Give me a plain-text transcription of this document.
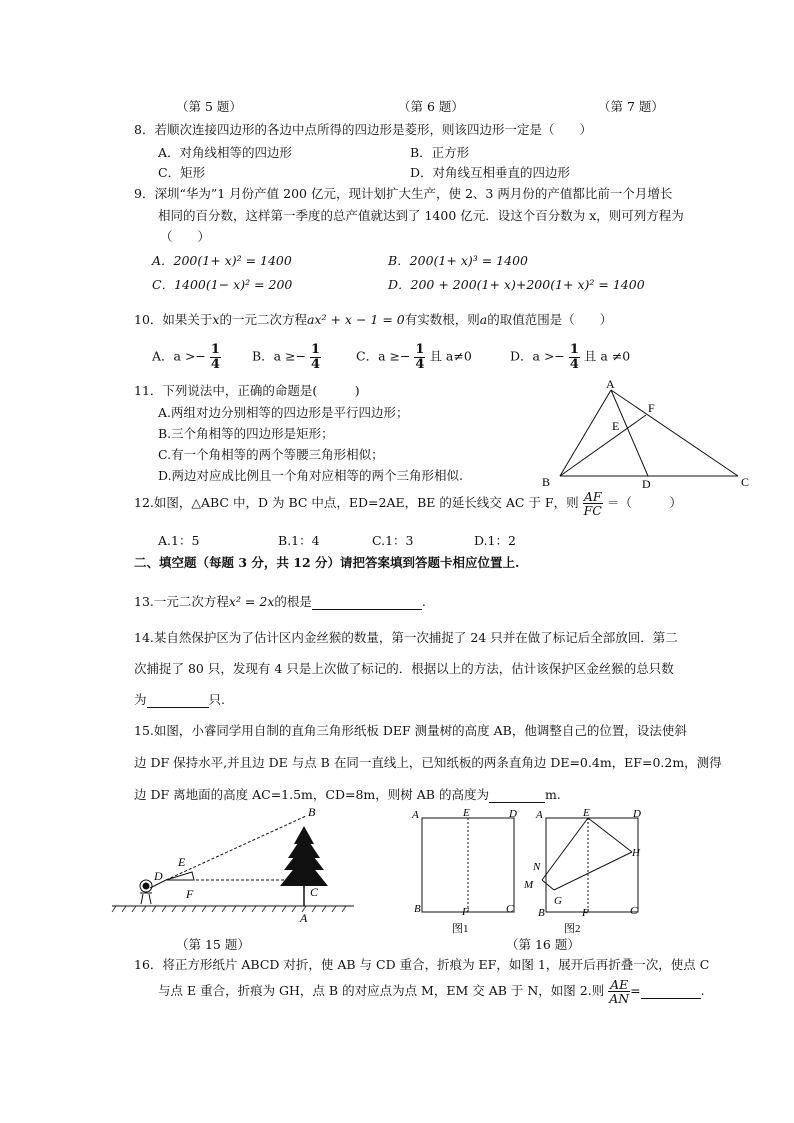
（第 5 题）	（第 6 题）	（第 7 题）
8．若顺次连接四边形的各边中点所得的四边形是菱形，则该四边形一定是（　　）
A．对角线相等的四边形	B．正方形
C．矩形	D．对角线互相垂直的四边形
9．深圳“华为”1 月份产值 200 亿元，现计划扩大生产，使 2、3 两月份的产值都比前一个月增长
相同的百分数，这样第一季度的总产值就达到了 1400 亿元．设这个百分数为 x，则可列方程为
（　　）
A．200(1+ x)² = 1400	B．200(1+ x)³ = 1400
C．1400(1− x)² = 200	D．200 + 200(1+ x)+200(1+ x)² = 1400
10．如果关于x的一元二次方程ax² + x − 1 = 0有实数根，则a的取值范围是（　　）
A．$a >- \frac{1}{4}$ B．$a \ge- \frac{1}{4}$	C．$a \ge- \frac{1}{4}$ 且 a≠0	D．$a >- \frac{1}{4}$ 且 a ≠0
11．下列说法中，正确的命题是(　　　)
A.两组对边分别相等的四边形是平行四边形；
B.三个角相等的四边形是矩形；
C.有一个角相等的两个等腰三角形相似；
D.两边对应成比例且一个角对应相等的两个三角形相似.
A
B	C
D
E
F
12.如图，△ABC 中，D 为 BC 中点，ED=2AE，BE 的延长线交 AC 于 F，则 $\frac{AF}{FC}$ ＝（　　　）
A.1：5	B.1：4	C.1：3	D.1：2
二、填空题（每题 3 分，共 12 分）请把答案填到答题卡相应位置上.
13.一元二次方程x² = 2x的根是	.
14.某自然保护区为了估计区内金丝猴的数量，第一次捕捉了 24 只并在做了标记后全部放回．第二
次捕捉了 80 只，发现有 4 只是上次做了标记的．根据以上的方法，估计该保护区金丝猴的总只数
为	只.
15.如图，小睿同学用自制的直角三角形纸板 DEF 测量树的高度 AB，他调整自己的位置，设法使斜
边 DF 保持水平,并且边 DE 与点 B 在同一直线上，已知纸板的两条直角边 DE=0.4m，EF=0.2m，测得
边 DF 离地面的高度 AC=1.5m，CD=8m，则树 AB 的高度为	m.
B
E
D
F	C
A
A	E	D
B	F	C
图1
A	E	D
H
N
M
G
B	F	C
图2
（第 15 题）	（第 16 题）
16．将正方形纸片 ABCD 对折，使 AB 与 CD 重合，折痕为 EF，如图 1，展开后再折叠一次，使点 C
与点 E 重合，折痕为 GH，点 B 的对应点为点 M，EM 交 AB 于 N，如图 2.则 $\frac{AE}{AN}$ =	.
